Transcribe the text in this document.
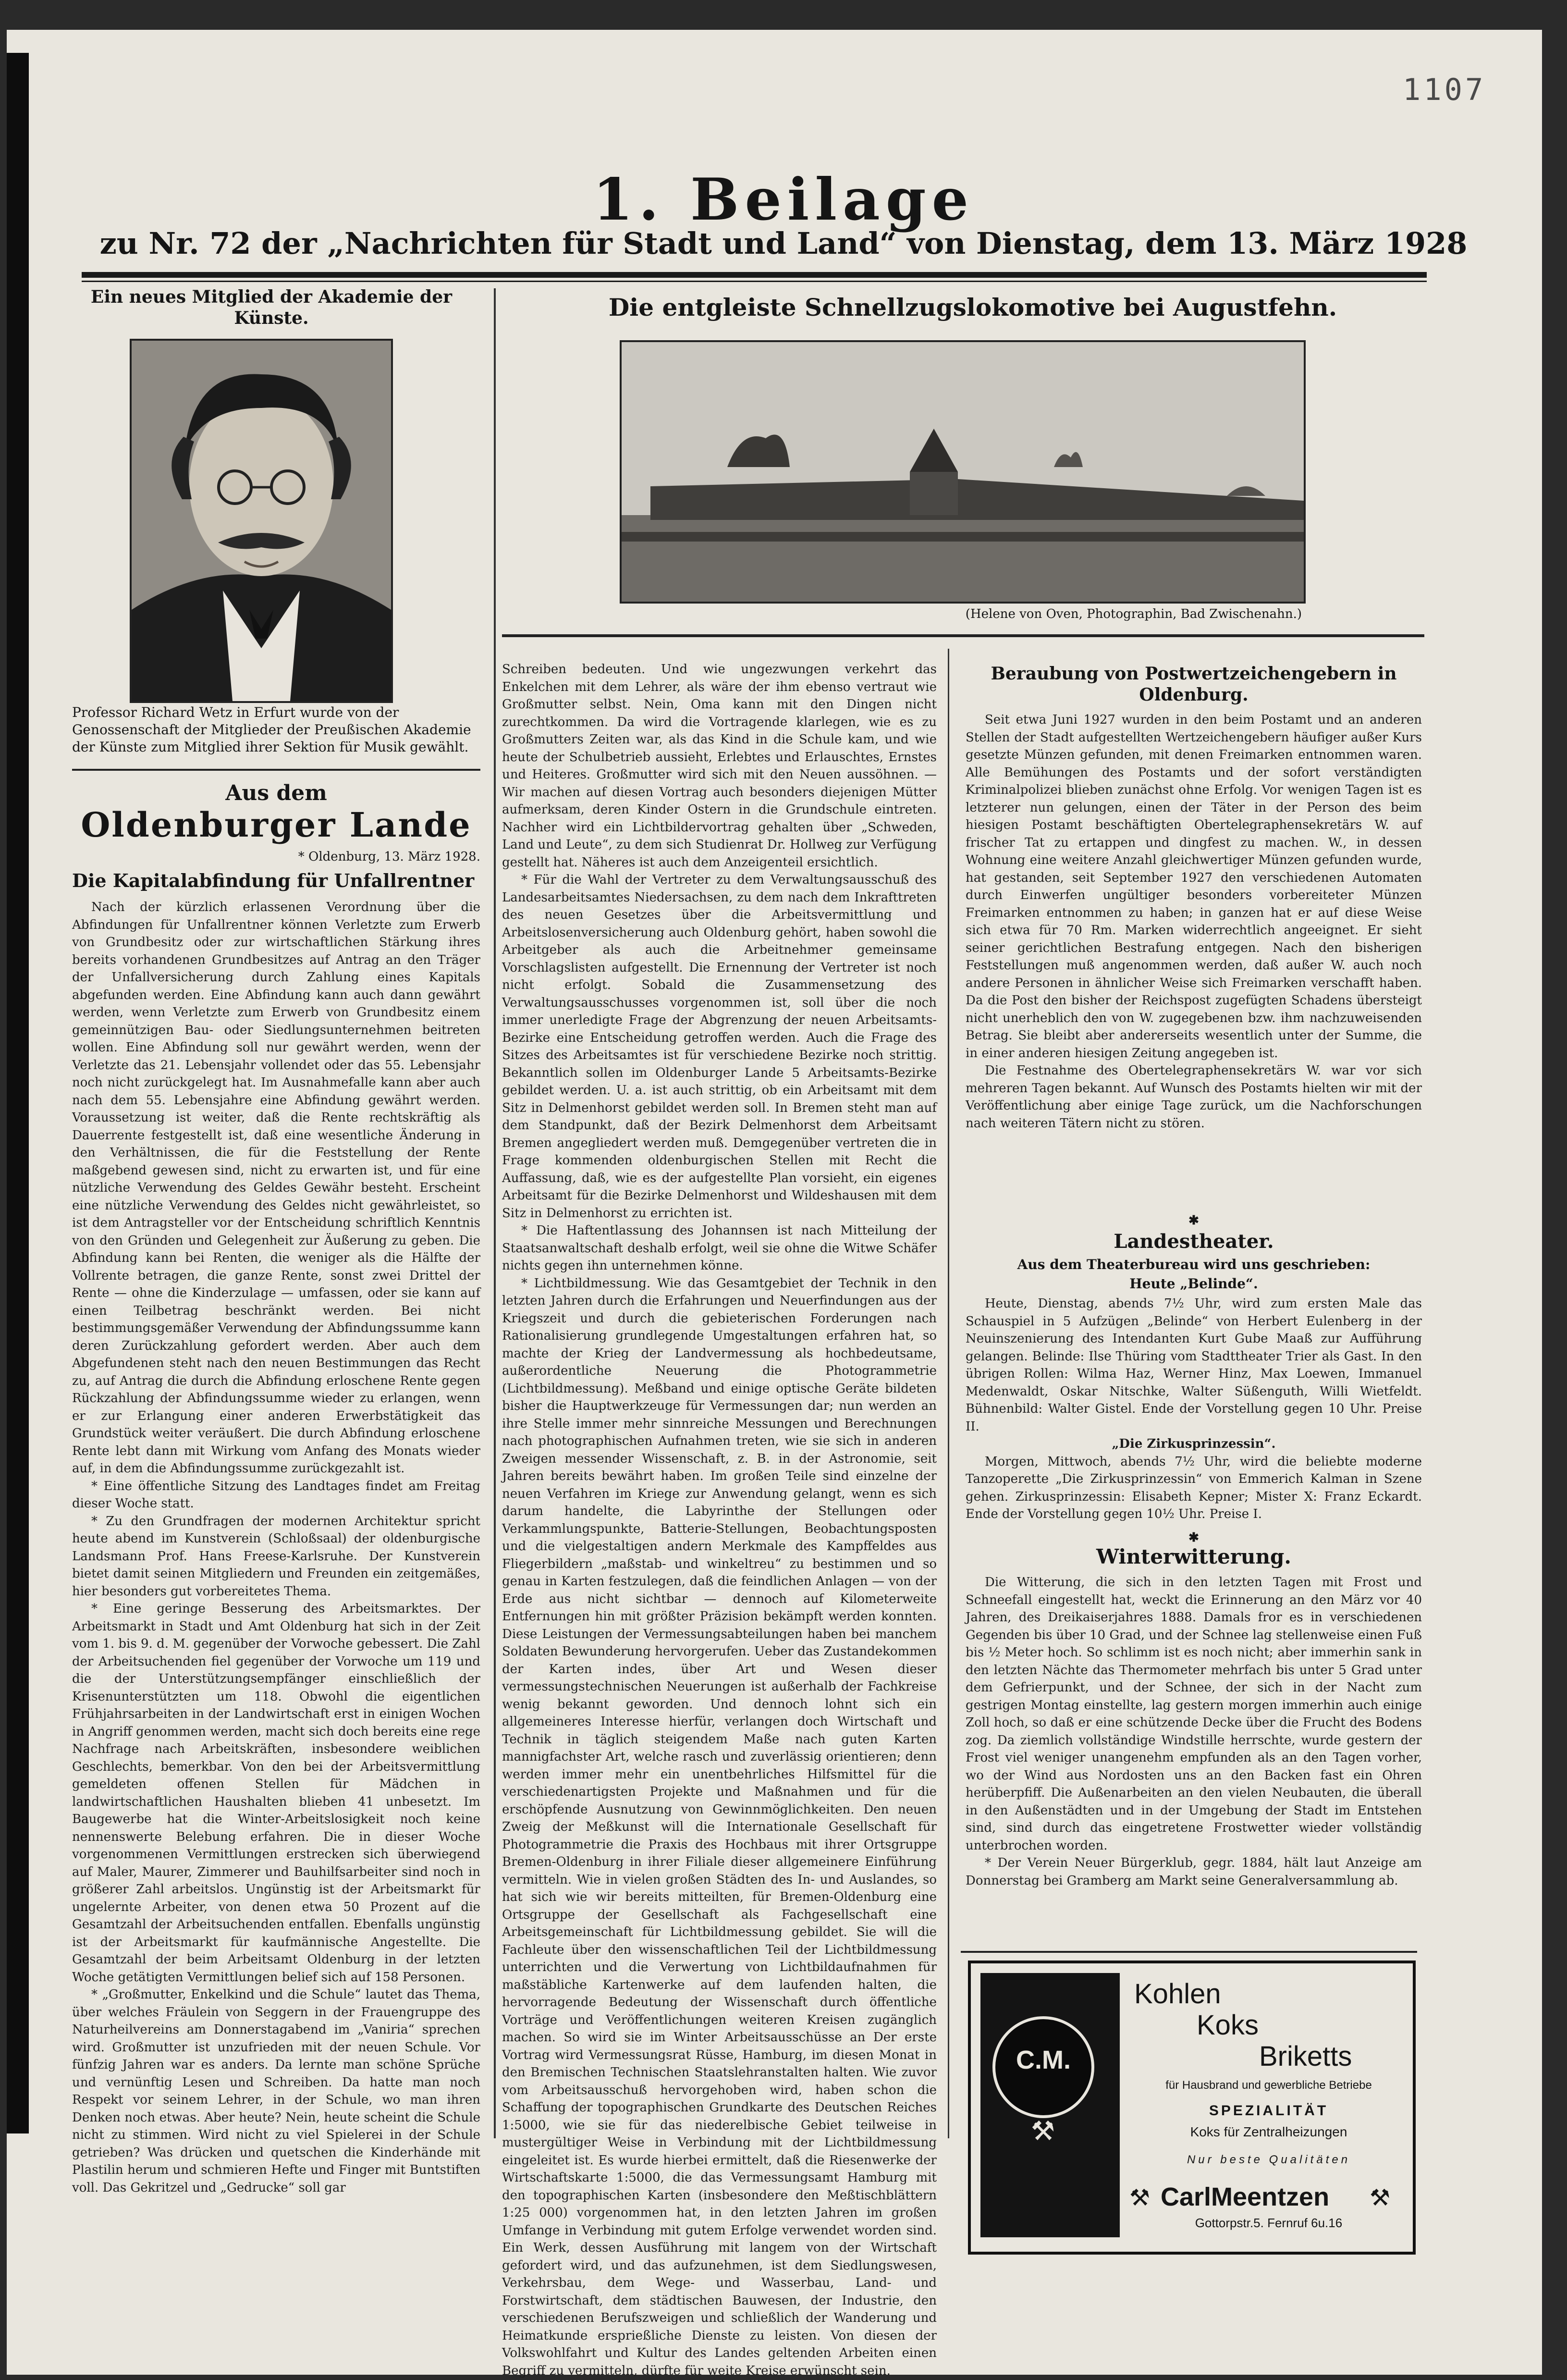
1107
1. Beilage
zu Nr. 72 der „Nachrichten für Stadt und Land“ von Dienstag, dem 13. März 1928
Ein neues Mitglied der Akademie der Künste.
Professor Richard Wetz in Erfurt wurde von der Genossenschaft der Mitglieder der Preußischen Akademie der Künste zum Mitglied ihrer Sektion für Musik gewählt.
Aus dem
Oldenburger Lande
* Oldenburg, 13. März 1928.
Die Kapitalabfindung für Unfallrentner

Nach der kürzlich erlassenen Verordnung über die Abfindungen für Unfallrentner können Verletzte zum Erwerb von Grundbesitz oder zur wirtschaftlichen Stärkung ihres bereits vorhandenen Grundbesitzes auf Antrag an den Träger der Unfallversicherung durch Zahlung eines Kapitals abgefunden werden. Eine Abfindung kann auch dann gewährt werden, wenn Verletzte zum Erwerb von Grundbesitz einem gemeinnützigen Bau- oder Siedlungsunternehmen beitreten wollen. Eine Abfindung soll nur gewährt werden, wenn der Verletzte das 21. Lebensjahr vollendet oder das 55. Lebensjahr noch nicht zurückgelegt hat. Im Ausnahmefalle kann aber auch nach dem 55. Lebensjahre eine Abfindung gewährt werden. Voraussetzung ist weiter, daß die Rente rechtskräftig als Dauerrente festgestellt ist, daß eine wesentliche Änderung in den Verhältnissen, die für die Feststellung der Rente maßgebend gewesen sind, nicht zu erwarten ist, und für eine nützliche Verwendung des Geldes Gewähr besteht. Erscheint eine nützliche Verwendung des Geldes nicht gewährleistet, so ist dem Antragsteller vor der Entscheidung schriftlich Kenntnis von den Gründen und Gelegenheit zur Äußerung zu geben. Die Abfindung kann bei Renten, die weniger als die Hälfte der Vollrente betragen, die ganze Rente, sonst zwei Drittel der Rente — ohne die Kinderzulage — umfassen, oder sie kann auf einen Teilbetrag beschränkt werden. Bei nicht bestimmungsgemäßer Verwendung der Abfindungssumme kann deren Zurückzahlung gefordert werden. Aber auch dem Abgefundenen steht nach den neuen Bestimmungen das Recht zu, auf Antrag die durch die Abfindung erloschene Rente gegen Rückzahlung der Abfindungssumme wieder zu erlangen, wenn er zur Erlangung einer anderen Erwerbstätigkeit das Grundstück weiter veräußert. Die durch Abfindung erloschene Rente lebt dann mit Wirkung vom Anfang des Monats wieder auf, in dem die Abfindungssumme zurückgezahlt ist.

* Eine öffentliche Sitzung des Landtages findet am Freitag dieser Woche statt.

* Zu den Grundfragen der modernen Architektur spricht heute abend im Kunstverein (Schloßsaal) der oldenburgische Landsmann Prof. Hans Freese-Karlsruhe. Der Kunstverein bietet damit seinen Mitgliedern und Freunden ein zeitgemäßes, hier besonders gut vorbereitetes Thema.

* Eine geringe Besserung des Arbeitsmarktes. Der Arbeitsmarkt in Stadt und Amt Oldenburg hat sich in der Zeit vom 1. bis 9. d. M. gegenüber der Vorwoche gebessert. Die Zahl der Arbeitsuchenden fiel gegenüber der Vorwoche um 119 und die der Unterstützungsempfänger einschließlich der Krisenunterstützten um 118. Obwohl die eigentlichen Frühjahrsarbeiten in der Landwirtschaft erst in einigen Wochen in Angriff genommen werden, macht sich doch bereits eine rege Nachfrage nach Arbeitskräften, insbesondere weiblichen Geschlechts, bemerkbar. Von den bei der Arbeitsvermittlung gemeldeten offenen Stellen für Mädchen in landwirtschaftlichen Haushalten blieben 41 unbesetzt. Im Baugewerbe hat die Winter-Arbeitslosigkeit noch keine nennenswerte Belebung erfahren. Die in dieser Woche vorgenommenen Vermittlungen erstrecken sich überwiegend auf Maler, Maurer, Zimmerer und Bauhilfsarbeiter sind noch in größerer Zahl arbeitslos. Ungünstig ist der Arbeitsmarkt für ungelernte Arbeiter, von denen etwa 50 Prozent auf die Gesamtzahl der Arbeitsuchenden entfallen. Ebenfalls ungünstig ist der Arbeitsmarkt für kaufmännische Angestellte. Die Gesamtzahl der beim Arbeitsamt Oldenburg in der letzten Woche getätigten Vermittlungen belief sich auf 158 Personen.

* „Großmutter, Enkelkind und die Schule“ lautet das Thema, über welches Fräulein von Seggern in der Frauengruppe des Naturheilvereins am Donnerstagabend im „Vaniria“ sprechen wird. Großmutter ist unzufrieden mit der neuen Schule. Vor fünfzig Jahren war es anders. Da lernte man schöne Sprüche und vernünftig Lesen und Schreiben. Da hatte man noch Respekt vor seinem Lehrer, in der Schule, wo man ihren Denken noch etwas. Aber heute? Nein, heute scheint die Schule nicht zu stimmen. Wird nicht zu viel Spielerei in der Schule getrieben? Was drücken und quetschen die Kinderhände mit Plastilin herum und schmieren Hefte und Finger mit Buntstiften voll. Das Gekritzel und „Gedrucke“ soll gar

Die entgleiste Schnellzugslokomotive bei Augustfehn.
(Helene von Oven, Photographin, Bad Zwischenahn.)

Schreiben bedeuten. Und wie ungezwungen verkehrt das Enkelchen mit dem Lehrer, als wäre der ihm ebenso vertraut wie Großmutter selbst. Nein, Oma kann mit den Dingen nicht zurechtkommen. Da wird die Vortragende klarlegen, wie es zu Großmutters Zeiten war, als das Kind in die Schule kam, und wie heute der Schulbetrieb aussieht, Erlebtes und Erlauschtes, Ernstes und Heiteres. Großmutter wird sich mit den Neuen aussöhnen. — Wir machen auf diesen Vortrag auch besonders diejenigen Mütter aufmerksam, deren Kinder Ostern in die Grundschule eintreten. Nachher wird ein Lichtbildervortrag gehalten über „Schweden, Land und Leute“, zu dem sich Studienrat Dr. Hollweg zur Verfügung gestellt hat. Näheres ist auch dem Anzeigenteil ersichtlich.

* Für die Wahl der Vertreter zu dem Verwaltungsausschuß des Landesarbeitsamtes Niedersachsen, zu dem nach dem Inkrafttreten des neuen Gesetzes über die Arbeitsvermittlung und Arbeitslosenversicherung auch Oldenburg gehört, haben sowohl die Arbeitgeber als auch die Arbeitnehmer gemeinsame Vorschlagslisten aufgestellt. Die Ernennung der Vertreter ist noch nicht erfolgt. Sobald die Zusammensetzung des Verwaltungsausschusses vorgenommen ist, soll über die noch immer unerledigte Frage der Abgrenzung der neuen Arbeitsamts-Bezirke eine Entscheidung getroffen werden. Auch die Frage des Sitzes des Arbeitsamtes ist für verschiedene Bezirke noch strittig. Bekanntlich sollen im Oldenburger Lande 5 Arbeitsamts-Bezirke gebildet werden. U. a. ist auch strittig, ob ein Arbeitsamt mit dem Sitz in Delmenhorst gebildet werden soll. In Bremen steht man auf dem Standpunkt, daß der Bezirk Delmenhorst dem Arbeitsamt Bremen angegliedert werden muß. Demgegenüber vertreten die in Frage kommenden oldenburgischen Stellen mit Recht die Auffassung, daß, wie es der aufgestellte Plan vorsieht, ein eigenes Arbeitsamt für die Bezirke Delmenhorst und Wildeshausen mit dem Sitz in Delmenhorst zu errichten ist.

* Die Haftentlassung des Johannsen ist nach Mitteilung der Staatsanwaltschaft deshalb erfolgt, weil sie ohne die Witwe Schäfer nichts gegen ihn unternehmen könne.

* Lichtbildmessung. Wie das Gesamtgebiet der Technik in den letzten Jahren durch die Erfahrungen und Neuerfindungen aus der Kriegszeit und durch die gebieterischen Forderungen nach Rationalisierung grundlegende Umgestaltungen erfahren hat, so machte der Krieg der Landvermessung als hochbedeutsame, außerordentliche Neuerung die Photogrammetrie (Lichtbildmessung). Meßband und einige optische Geräte bildeten bisher die Hauptwerkzeuge für Vermessungen dar; nun werden an ihre Stelle immer mehr sinnreiche Messungen und Berechnungen nach photographischen Aufnahmen treten, wie sie sich in anderen Zweigen messender Wissenschaft, z. B. in der Astronomie, seit Jahren bereits bewährt haben. Im großen Teile sind einzelne der neuen Verfahren im Kriege zur Anwendung gelangt, wenn es sich darum handelte, die Labyrinthe der Stellungen oder Verkammlungspunkte, Batterie-Stellungen, Beobachtungsposten und die vielgestaltigen andern Merkmale des Kampffeldes aus Fliegerbildern „maßstab- und winkeltreu“ zu bestimmen und so genau in Karten festzulegen, daß die feindlichen Anlagen — von der Erde aus nicht sichtbar — dennoch auf Kilometerweite Entfernungen hin mit größter Präzision bekämpft werden konnten. Diese Leistungen der Vermessungsabteilungen haben bei manchem Soldaten Bewunderung hervorgerufen. Ueber das Zustandekommen der Karten indes, über Art und Wesen dieser vermessungstechnischen Neuerungen ist außerhalb der Fachkreise wenig bekannt geworden. Und dennoch lohnt sich ein allgemeineres Interesse hierfür, verlangen doch Wirtschaft und Technik in täglich steigendem Maße nach guten Karten mannigfachster Art, welche rasch und zuverlässig orientieren; denn werden immer mehr ein unentbehrliches Hilfsmittel für die verschiedenartigsten Projekte und Maßnahmen und für die erschöpfende Ausnutzung von Gewinnmöglichkeiten. Den neuen Zweig der Meßkunst will die Internationale Gesellschaft für Photogrammetrie die Praxis des Hochbaus mit ihrer Ortsgruppe Bremen-Oldenburg in ihrer Filiale dieser allgemeinere Einführung vermitteln. Wie in vielen großen Städten des In- und Auslandes, so hat sich wie wir bereits mitteilten, für Bremen-Oldenburg eine Ortsgruppe der Gesellschaft als Fachgesellschaft eine Arbeitsgemeinschaft für Lichtbildmessung gebildet. Sie will die Fachleute über den wissenschaftlichen Teil der Lichtbildmessung unterrichten und die Verwertung von Lichtbildaufnahmen für maßstäbliche Kartenwerke auf dem laufenden halten, die hervorragende Bedeutung der Wissenschaft durch öffentliche Vorträge und Veröffentlichungen weiteren Kreisen zugänglich machen. So wird sie im Winter Arbeitsausschüsse an Der erste Vortrag wird Vermessungsrat Rüsse, Hamburg, im diesen Monat in den Bremischen Technischen Staatslehranstalten halten. Wie zuvor vom Arbeitsausschuß hervorgehoben wird, haben schon die Schaffung der topographischen Grundkarte des Deutschen Reiches 1:5000, wie sie für das niederelbische Gebiet teilweise in mustergültiger Weise in Verbindung mit der Lichtbildmessung eingeleitet ist. Es wurde hierbei ermittelt, daß die Riesenwerke der Wirtschaftskarte 1:5000, die das Vermessungsamt Hamburg mit den topographischen Karten (insbesondere den Meßtischblättern 1:25 000) vorgenommen hat, in den letzten Jahren im großen Umfange in Verbindung mit gutem Erfolge verwendet worden sind. Ein Werk, dessen Ausführung mit langem von der Wirtschaft gefordert wird, und das aufzunehmen, ist dem Siedlungswesen, Verkehrsbau, dem Wege- und Wasserbau, Land- und Forstwirtschaft, dem städtischen Bauwesen, der Industrie, den verschiedenen Berufszweigen und schließlich der Wanderung und Heimatkunde ersprießliche Dienste zu leisten. Von diesen der Volkswohlfahrt und Kultur des Landes geltenden Arbeiten einen Begriff zu vermitteln, dürfte für weite Kreise erwünscht sein.

Beraubung von Postwertzeichengebern in Oldenburg.

Seit etwa Juni 1927 wurden in den beim Postamt und an anderen Stellen der Stadt aufgestellten Wertzeichengebern häufiger außer Kurs gesetzte Münzen gefunden, mit denen Freimarken entnommen waren. Alle Bemühungen des Postamts und der sofort verständigten Kriminalpolizei blieben zunächst ohne Erfolg. Vor wenigen Tagen ist es letzterer nun gelungen, einen der Täter in der Person des beim hiesigen Postamt beschäftigten Obertelegraphensekretärs W. auf frischer Tat zu ertappen und dingfest zu machen. W., in dessen Wohnung eine weitere Anzahl gleichwertiger Münzen gefunden wurde, hat gestanden, seit September 1927 den verschiedenen Automaten durch Einwerfen ungültiger besonders vorbereiteter Münzen Freimarken entnommen zu haben; in ganzen hat er auf diese Weise sich etwa für 70 Rm. Marken widerrechtlich angeeignet. Er sieht seiner gerichtlichen Bestrafung entgegen. Nach den bisherigen Feststellungen muß angenommen werden, daß außer W. auch noch andere Personen in ähnlicher Weise sich Freimarken verschafft haben. Da die Post den bisher der Reichspost zugefügten Schadens übersteigt nicht unerheblich den von W. zugegebenen bzw. ihm nachzuweisenden Betrag. Sie bleibt aber andererseits wesentlich unter der Summe, die in einer anderen hiesigen Zeitung angegeben ist.

Die Festnahme des Obertelegraphensekretärs W. war vor sich mehreren Tagen bekannt. Auf Wunsch des Postamts hielten wir mit der Veröffentlichung aber einige Tage zurück, um die Nachforschungen nach weiteren Tätern nicht zu stören.

✱
Landestheater.
Aus dem Theaterbureau wird uns geschrieben:
Heute „Belinde“.

Heute, Dienstag, abends 7½ Uhr, wird zum ersten Male das Schauspiel in 5 Aufzügen „Belinde“ von Herbert Eulenberg in der Neuinszenierung des Intendanten Kurt Gube Maaß zur Aufführung gelangen. Belinde: Ilse Thüring vom Stadttheater Trier als Gast. In den übrigen Rollen: Wilma Haz, Werner Hinz, Max Loewen, Immanuel Medenwaldt, Oskar Nitschke, Walter Süßenguth, Willi Wietfeldt. Bühnenbild: Walter Gistel. Ende der Vorstellung gegen 10 Uhr. Preise II.

„Die Zirkusprinzessin“.

Morgen, Mittwoch, abends 7½ Uhr, wird die beliebte moderne Tanzoperette „Die Zirkusprinzessin“ von Emmerich Kalman in Szene gehen. Zirkusprinzessin: Elisabeth Kepner; Mister X: Franz Eckardt. Ende der Vorstellung gegen 10½ Uhr. Preise I.

✱
Winterwitterung.

Die Witterung, die sich in den letzten Tagen mit Frost und Schneefall eingestellt hat, weckt die Erinnerung an den März vor 40 Jahren, des Dreikaiserjahres 1888. Damals fror es in verschiedenen Gegenden bis über 10 Grad, und der Schnee lag stellenweise einen Fuß bis ½ Meter hoch. So schlimm ist es noch nicht; aber immerhin sank in den letzten Nächte das Thermometer mehrfach bis unter 5 Grad unter dem Gefrierpunkt, und der Schnee, der sich in der Nacht zum gestrigen Montag einstellte, lag gestern morgen immerhin auch einige Zoll hoch, so daß er eine schützende Decke über die Frucht des Bodens zog. Da ziemlich vollständige Windstille herrschte, wurde gestern der Frost viel weniger unangenehm empfunden als an den Tagen vorher, wo der Wind aus Nordosten uns an den Backen fast ein Ohren herüberpfiff. Die Außenarbeiten an den vielen Neubauten, die überall in den Außenstädten und in der Umgebung der Stadt im Entstehen sind, sind durch das eingetretene Frostwetter wieder vollständig unterbrochen worden.

* Der Verein Neuer Bürgerklub, gegr. 1884, hält laut Anzeige am Donnerstag bei Gramberg am Markt seine Generalversammlung ab.

C.M.
⚒
Kohlen
Koks
Briketts
für Hausbrand und gewerbliche Betriebe
SPEZIALITÄT
Koks für Zentralheizungen
Nur beste Qualitäten
⚒ CarlMeentzen ⚒
Gottorpstr.5. Fernruf 6u.16
